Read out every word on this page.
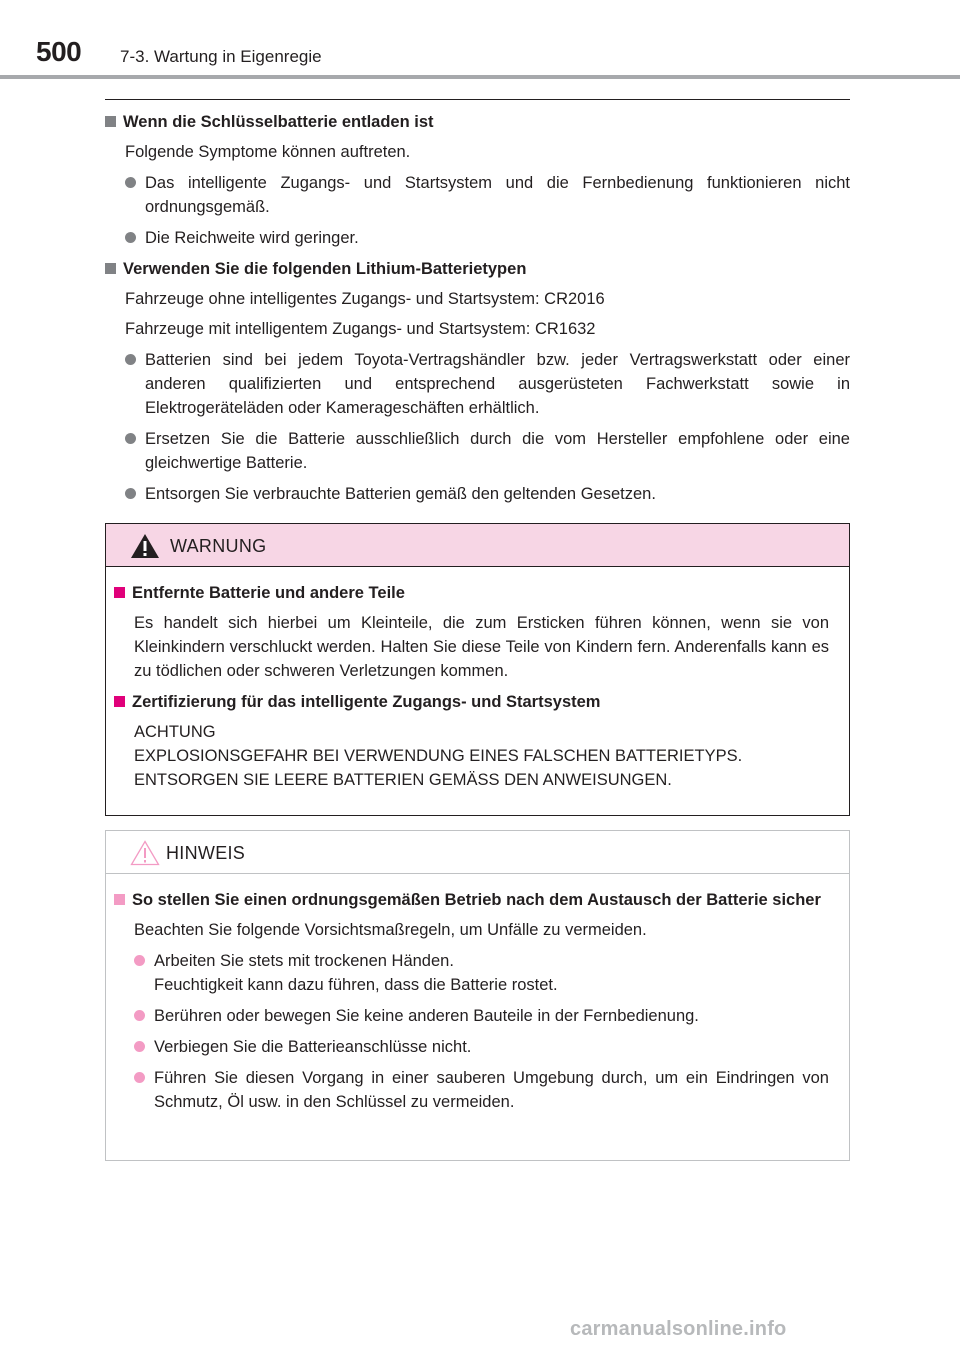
500 7-3. Wartung in Eigenregie
Wenn die Schlüsselbatterie entladen ist
Folgende Symptome können auftreten.
Das intelligente Zugangs- und Startsystem und die Fernbedienung funktionieren nicht ordnungsgemäß.
Die Reichweite wird geringer.
Verwenden Sie die folgenden Lithium-Batterietypen
Fahrzeuge ohne intelligentes Zugangs- und Startsystem: CR2016
Fahrzeuge mit intelligentem Zugangs- und Startsystem: CR1632
Batterien sind bei jedem Toyota-Vertragshändler bzw. jeder Vertragswerkstatt oder einer anderen qualifizierten und entsprechend ausgerüsteten Fachwerkstatt sowie in Elektrogeräteläden oder Kamerageschäften erhältlich.
Ersetzen Sie die Batterie ausschließlich durch die vom Hersteller empfohlene oder eine gleichwertige Batterie.
Entsorgen Sie verbrauchte Batterien gemäß den geltenden Gesetzen.
WARNUNG
Entfernte Batterie und andere Teile
Es handelt sich hierbei um Kleinteile, die zum Ersticken führen können, wenn sie von Kleinkindern verschluckt werden. Halten Sie diese Teile von Kindern fern. Anderenfalls kann es zu tödlichen oder schweren Verletzungen kommen.
Zertifizierung für das intelligente Zugangs- und Startsystem
ACHTUNG
EXPLOSIONSGEFAHR BEI VERWENDUNG EINES FALSCHEN BATTERIETYPS. ENTSORGEN SIE LEERE BATTERIEN GEMÄSS DEN ANWEISUNGEN.
HINWEIS
So stellen Sie einen ordnungsgemäßen Betrieb nach dem Austausch der Batterie sicher
Beachten Sie folgende Vorsichtsmaßregeln, um Unfälle zu vermeiden.
Arbeiten Sie stets mit trockenen Händen.
Feuchtigkeit kann dazu führen, dass die Batterie rostet.
Berühren oder bewegen Sie keine anderen Bauteile in der Fernbedienung.
Verbiegen Sie die Batterieanschlüsse nicht.
Führen Sie diesen Vorgang in einer sauberen Umgebung durch, um ein Eindringen von Schmutz, Öl usw. in den Schlüssel zu vermeiden.
carmanualsonline.info
